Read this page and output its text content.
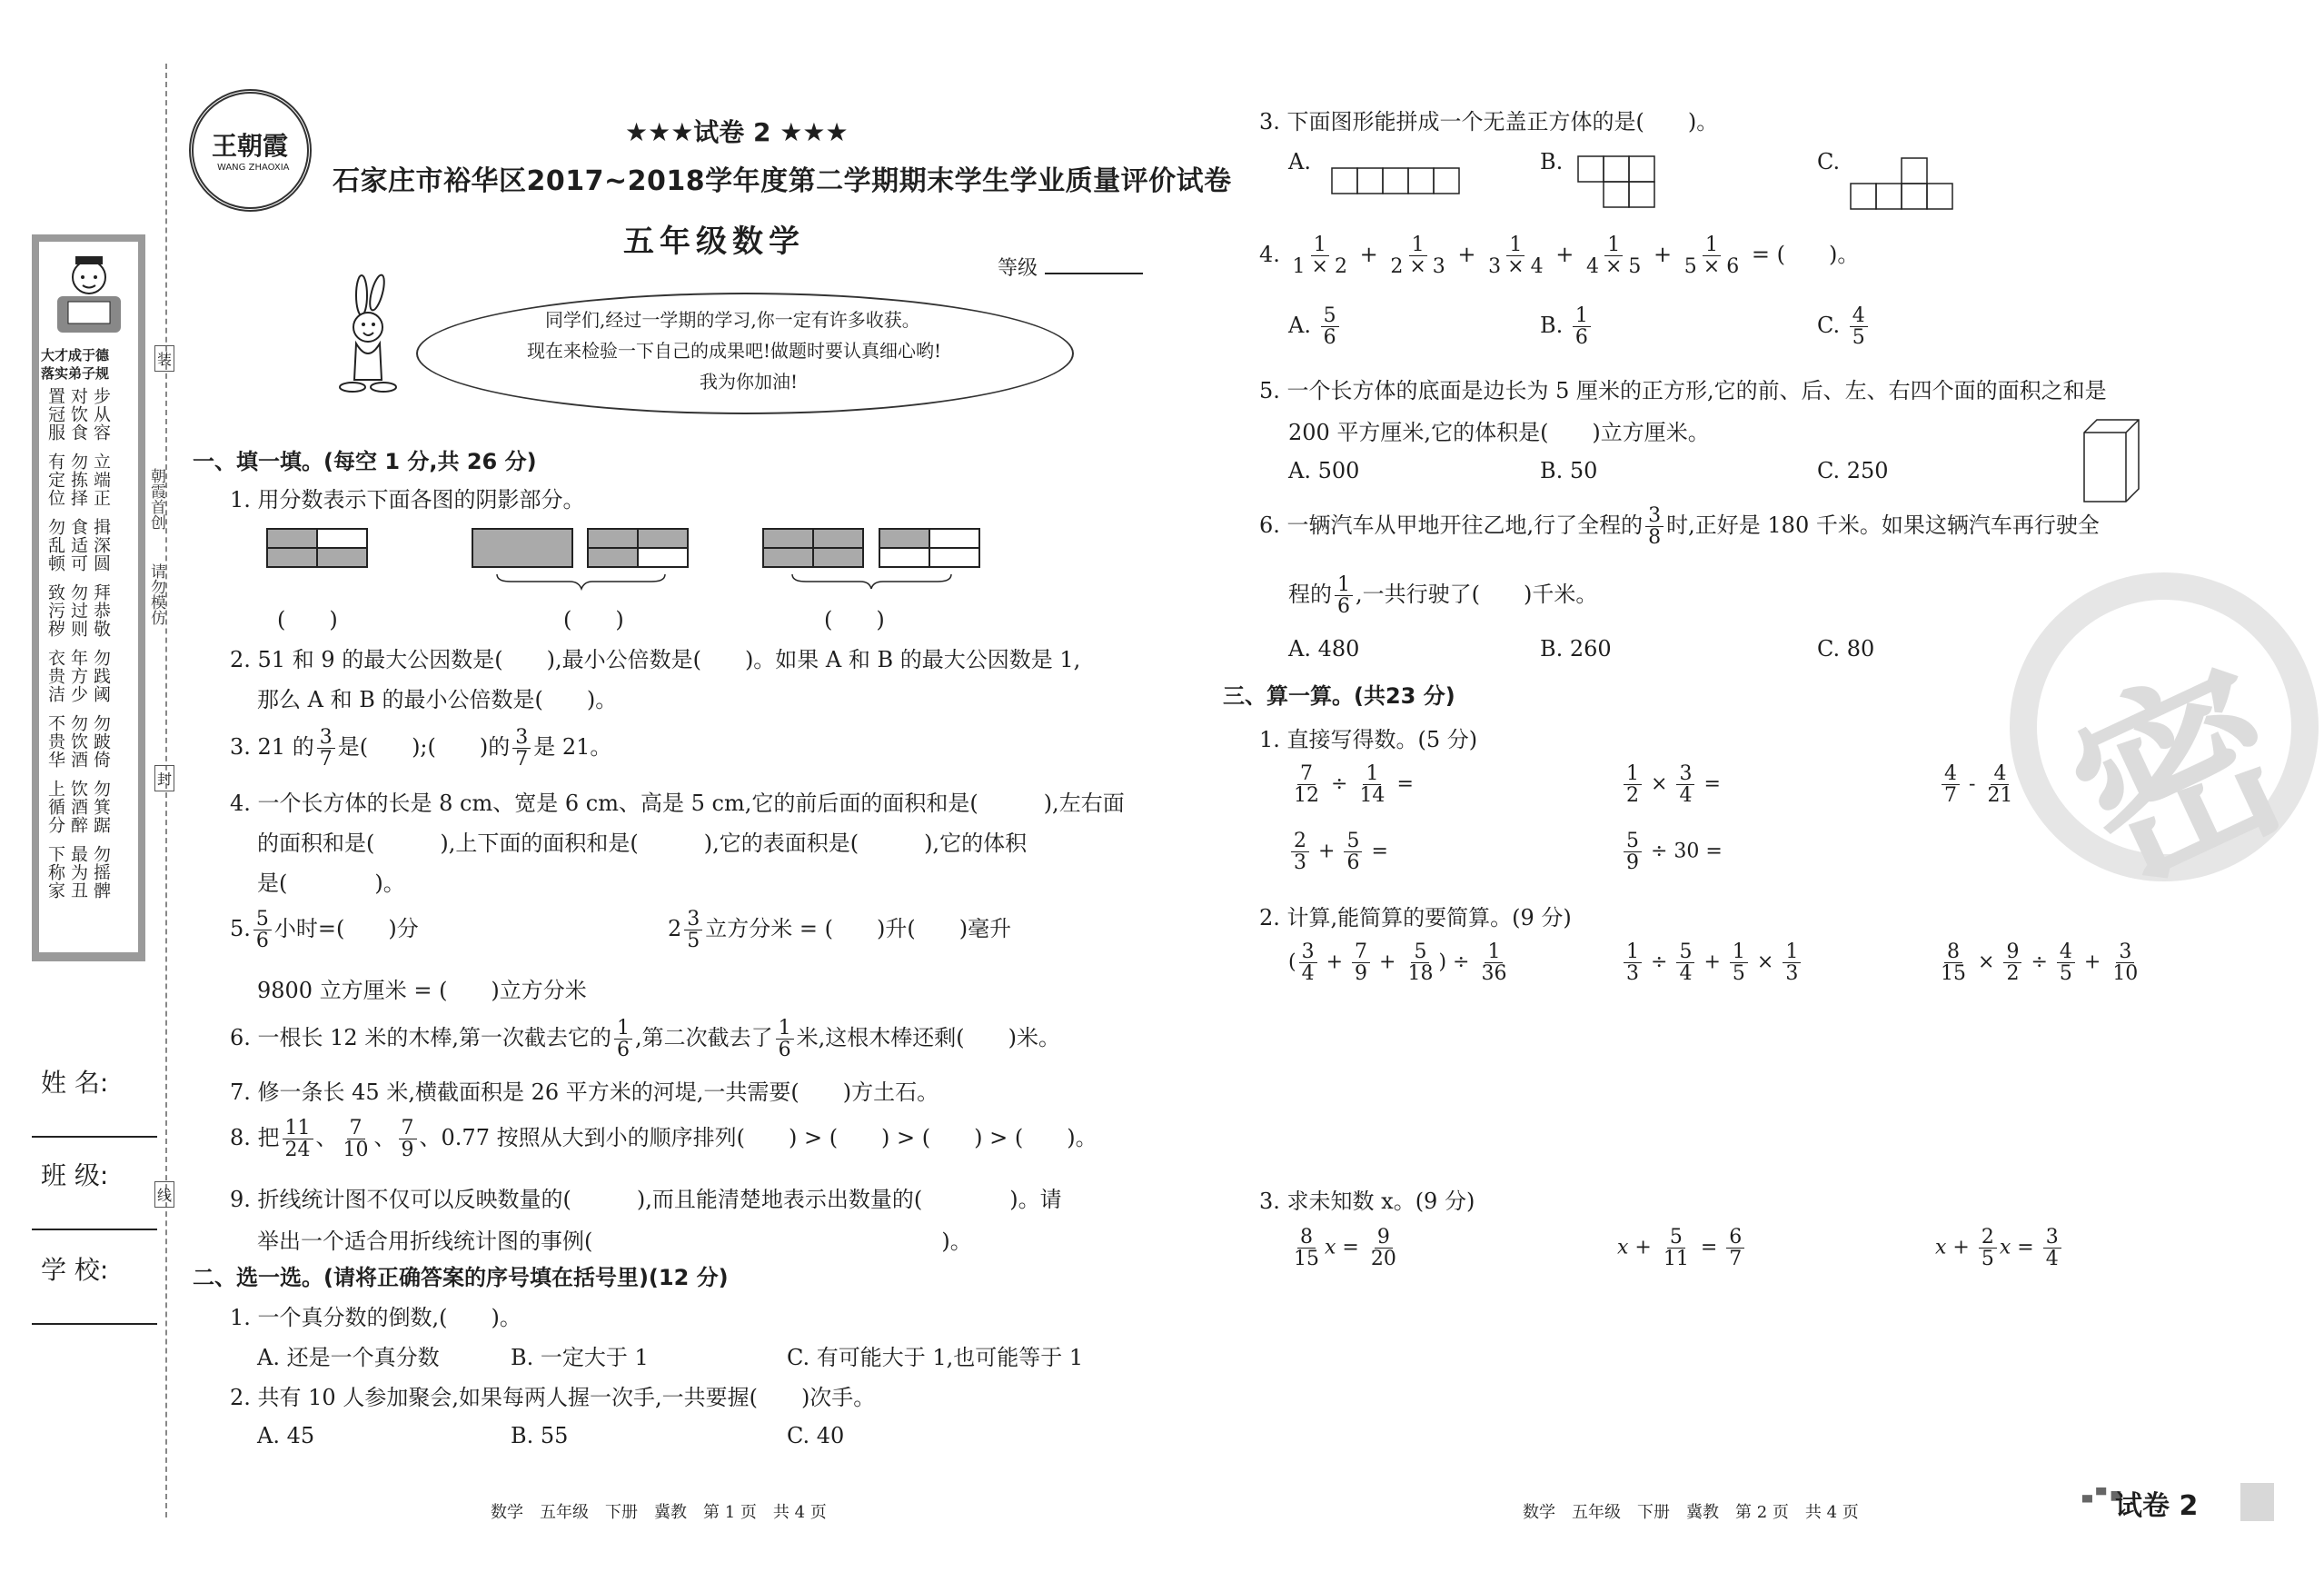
大才成于德
落实弟子规
置冠服 对饮食 步从容
有定位 勿拣择 立端正
勿乱顿 食适可 揖深圆
致污秽 勿过则 拜恭敬
衣贵洁 年方少 勿践阈
不贵华 勿饮酒 勿跛倚
上循分 饮酒醉 勿箕踞
下称家 最为丑 勿摇髀
朝霞首创
请勿模仿
装
封
线
姓 名:
班 级:
学 校:
王朝霞
WANG ZHAOXIA
★★★试卷 2 ★★★
石家庄市裕华区2017~2018学年度第二学期期末学生学业质量评价试卷
五年级数学
等级
同学们,经过一学期的学习,你一定有许多收获。
现在来检验一下自己的成果吧!做题时要认真细心哟!
我为你加油!
一、填一填。(每空 1 分,共 26 分)
1. 用分数表示下面各图的阴影部分。
(　　)	(　　)	(　　)
2. 51 和 9 的最大公因数是(　　),最小公倍数是(　　)。如果 A 和 B 的最大公因数是 1,
那么 A 和 B 的最小公倍数是(　　)。
3. 21 的 $\frac{3}{7}$ 是(　　);(　　)的 $\frac{3}{7}$ 是 21。
4. 一个长方体的长是 8 cm、宽是 6 cm、高是 5 cm,它的前后面的面积和是(　　　),左右面
的面积和是(　　　),上下面的面积和是(　　　),它的表面积是(　　　),它的体积
是(　　　　)。
5. $\frac{5}{6}$ 小时=(　　)分	$2 \frac{3}{5}$ 立方分米 = (　　)升(　　)毫升
9800 立方厘米 = (　　)立方分米
6. 一根长 12 米的木棒,第一次截去它的 $\frac{1}{6}$ ,第二次截去了 $\frac{1}{6}$ 米,这根木棒还剩(　　)米。
7. 修一条长 45 米,横截面积是 26 平方米的河堤,一共需要(　　)方土石。
8. 把 $\frac{11}{24}$ 、 $\frac{7}{10}$ 、 $\frac{7}{9}$ 、0.77 按照从大到小的顺序排列(　　) > (　　) > (　　) > (　　)。
9. 折线统计图不仅可以反映数量的(　　　),而且能清楚地表示出数量的(　　　　)。请
举出一个适合用折线统计图的事例(　　　　　　　　　　　　　　　　)。
二、选一选。(请将正确答案的序号填在括号里)(12 分)
1. 一个真分数的倒数,(　　)。
A. 还是一个真分数	B. 一定大于 1	C. 有可能大于 1,也可能等于 1
2. 共有 10 人参加聚会,如果每两人握一次手,一共要握(　　)次手。
A. 45	B. 55	C. 40
数学　五年级　下册　冀教　第 1 页　共 4 页
3. 下面图形能拼成一个无盖正方体的是(　　)。
A.	B.	C.
4. $\frac{1}{1 \times 2} + \frac{1}{2 \times 3} + \frac{1}{3 \times 4} + \frac{1}{4 \times 5} + \frac{1}{5 \times 6}$ = (　　)。
A. $\frac{5}{6}$	B. $\frac{1}{6}$	C. $\frac{4}{5}$
5. 一个长方体的底面是边长为 5 厘米的正方形,它的前、后、左、右四个面的面积之和是
200 平方厘米,它的体积是(　　)立方厘米。
A. 500	B. 50	C. 250
6. 一辆汽车从甲地开往乙地,行了全程的 $\frac{3}{8}$ 时,正好是 180 千米。如果这辆汽车再行驶全
程的 $\frac{1}{6}$ ,一共行驶了(　　)千米。
A. 480	B. 260	C. 80
三、算一算。(共23 分)
1. 直接写得数。(5 分)
$\frac{7}{12} \div \frac{1}{14}$ =	$\frac{1}{2} \times \frac{3}{4}$ =	$\frac{4}{7} - \frac{4}{21}$ =
$\frac{2}{3} + \frac{5}{6}$ =	$\frac{5}{9} \div 30$ =
2. 计算,能简算的要简算。(9 分)
( $\frac{3}{4} + \frac{7}{9} + \frac{5}{18}$ ) ÷ $\frac{1}{36}$	$\frac{1}{3} \div \frac{5}{4} + \frac{1}{5} \times \frac{1}{3}$	$\frac{8}{15} \times \frac{9}{2} \div \frac{4}{5} + \frac{3}{10}$
3. 求未知数 x。(9 分)
$\frac{8}{15}$ $x = \frac{9}{20}$	$x + \frac{5}{11} = \frac{6}{7}$	$x + \frac{2}{5}$ $x = \frac{3}{4}$
密
数学　五年级　下册　冀教　第 2 页　共 4 页
▄ ▀ ■
试卷 2
